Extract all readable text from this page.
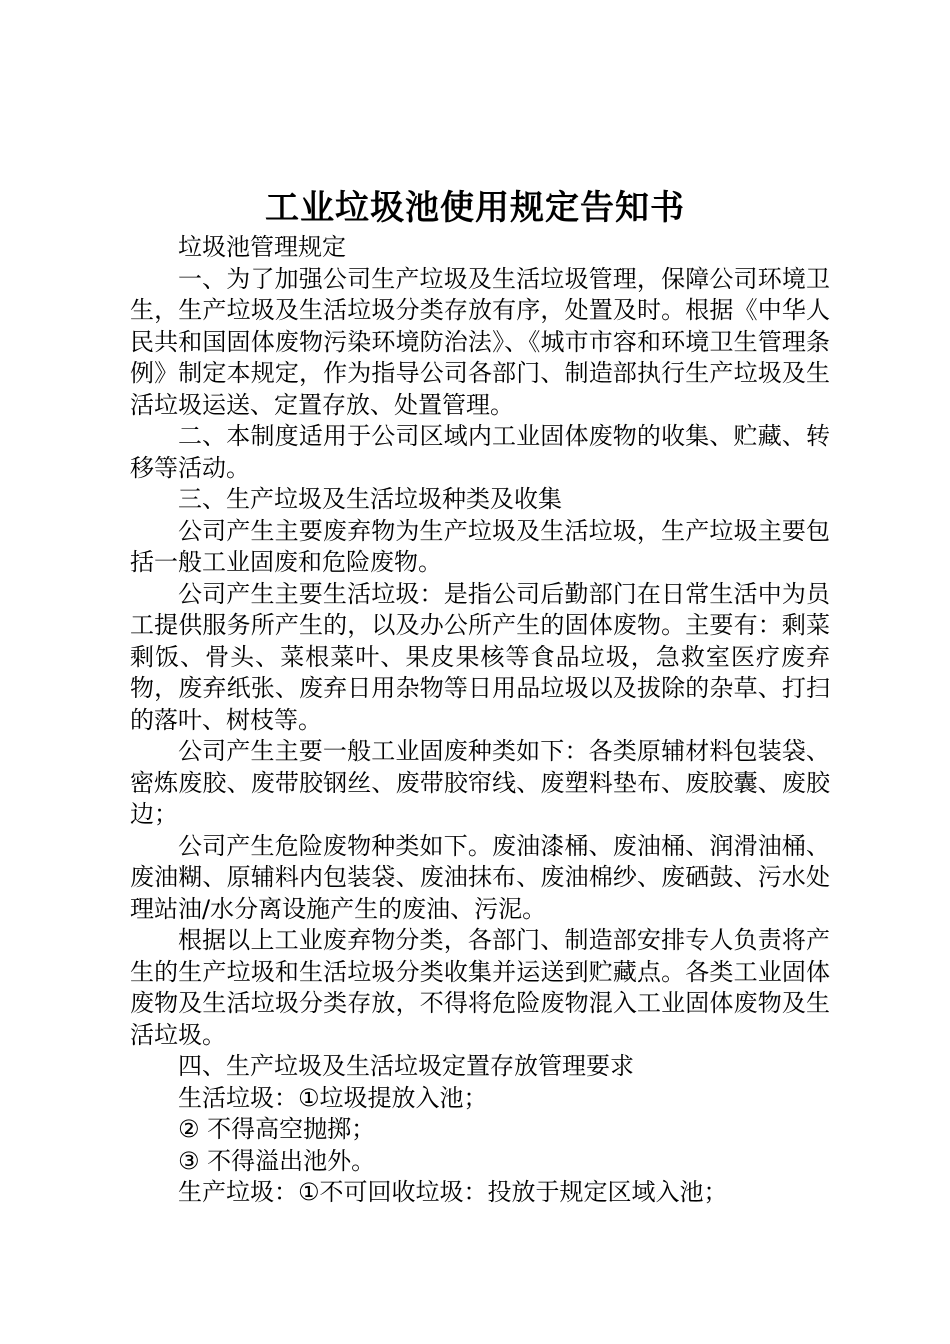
工业垃圾池使用规定告知书

垃圾池管理规定

一、为了加强公司生产垃圾及生活垃圾管理，保障公司环境卫生，生产垃圾及生活垃圾分类存放有序，处置及时。根据《中华人民共和国固体废物污染环境防治法》、《城市市容和环境卫生管理条例》制定本规定，作为指导公司各部门、制造部执行生产垃圾及生活垃圾运送、定置存放、处置管理。

二、本制度适用于公司区域内工业固体废物的收集、贮藏、转移等活动。

三、生产垃圾及生活垃圾种类及收集

公司产生主要废弃物为生产垃圾及生活垃圾，生产垃圾主要包括一般工业固废和危险废物。

公司产生主要生活垃圾：是指公司后勤部门在日常生活中为员工提供服务所产生的，以及办公所产生的固体废物。主要有：剩菜剩饭、骨头、菜根菜叶、果皮果核等食品垃圾，急救室医疗废弃物，废弃纸张、废弃日用杂物等日用品垃圾以及拔除的杂草、打扫的落叶、树枝等。

公司产生主要一般工业固废种类如下：各类原辅材料包装袋、密炼废胶、废带胶钢丝、废带胶帘线、废塑料垫布、废胶囊、废胶边；

公司产生危险废物种类如下。废油漆桶、废油桶、润滑油桶、废油糊、原辅料内包装袋、废油抹布、废油棉纱、废硒鼓、污水处理站油/水分离设施产生的废油、污泥。

根据以上工业废弃物分类，各部门、制造部安排专人负责将产生的生产垃圾和生活垃圾分类收集并运送到贮藏点。各类工业固体废物及生活垃圾分类存放，不得将危险废物混入工业固体废物及生活垃圾。

四、生产垃圾及生活垃圾定置存放管理要求

生活垃圾：①垃圾提放入池；

② 不得高空抛掷；

③ 不得溢出池外。

生产垃圾：①不可回收垃圾：投放于规定区域入池；
